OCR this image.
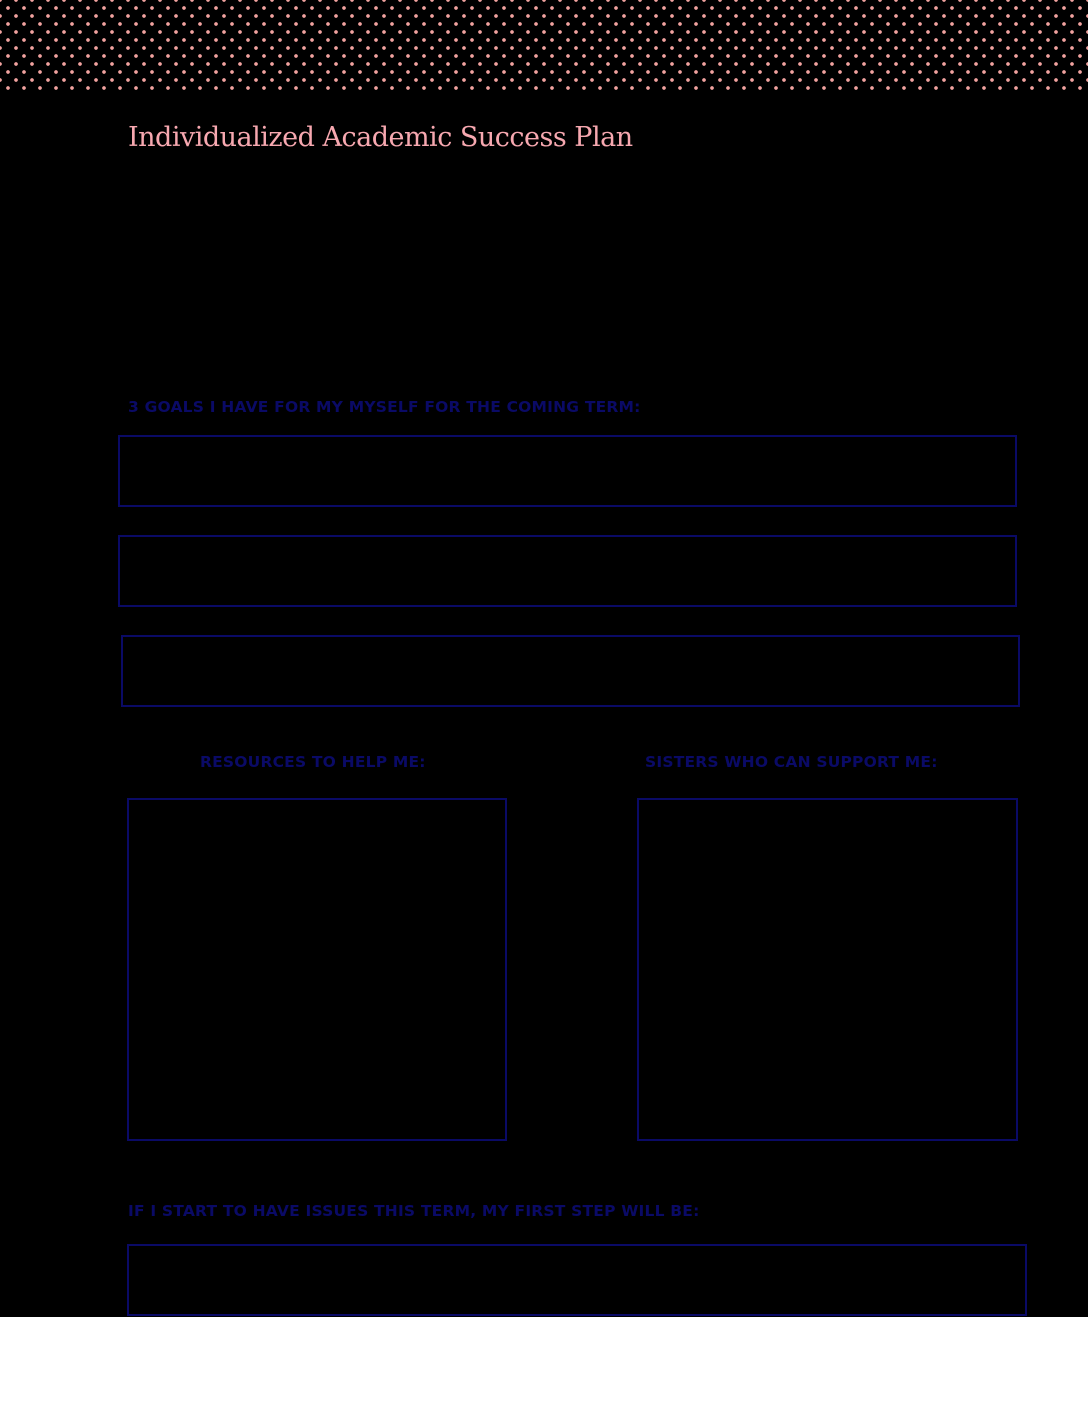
Individualized Academic Success Plan

3 GOALS I HAVE FOR MY MYSELF FOR THE COMING TERM:

RESOURCES TO HELP ME:	SISTERS WHO CAN SUPPORT ME:

IF I START TO HAVE ISSUES THIS TERM, MY FIRST STEP WILL BE:
